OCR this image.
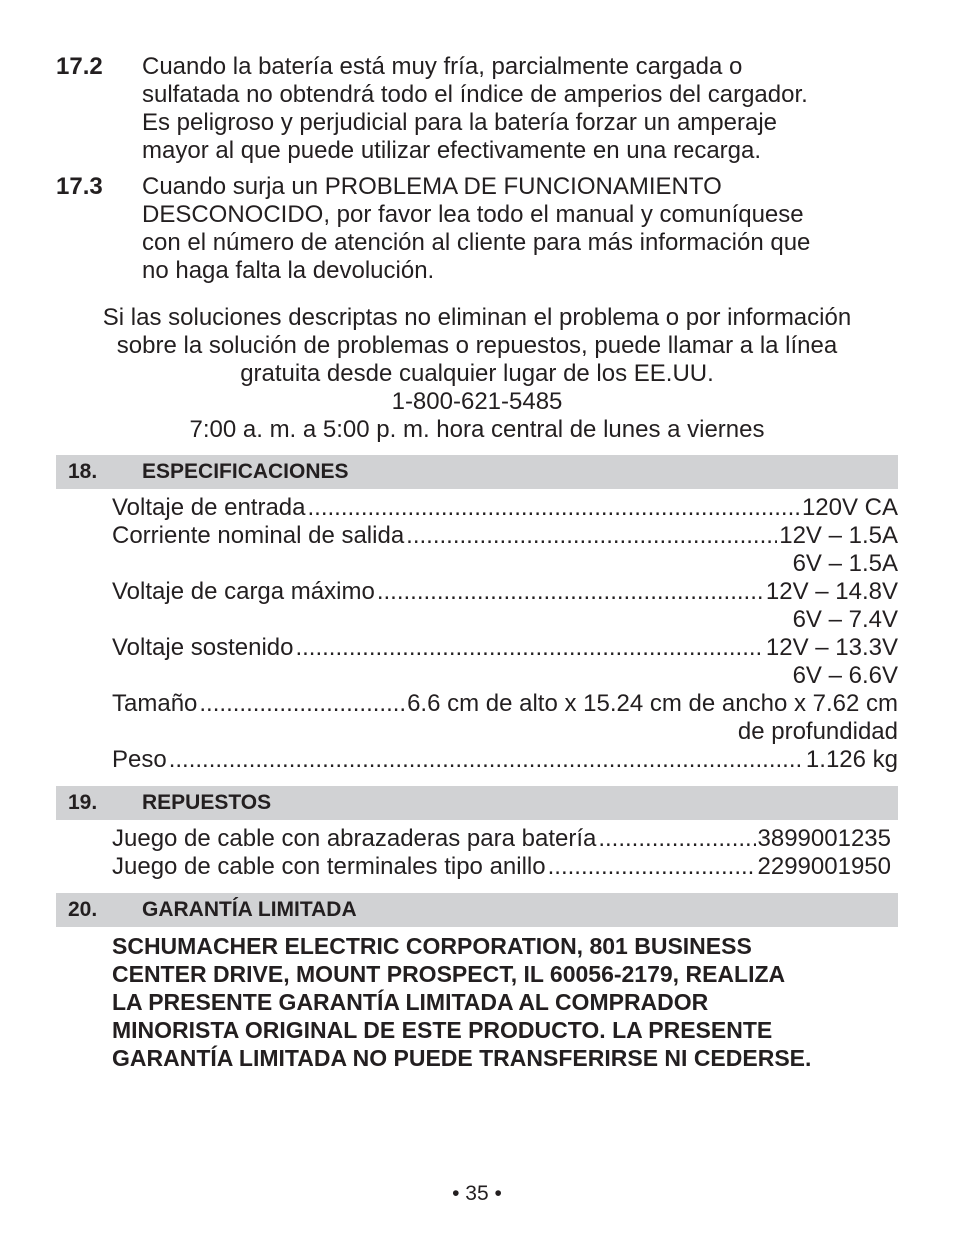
17.2 Cuando la batería está muy fría, parcialmente cargada o
sulfatada no obtendrá todo el índice de amperios del cargador.
Es peligroso y perjudicial para la batería forzar un amperaje
mayor al que puede utilizar efectivamente en una recarga.
17.3 Cuando surja un PROBLEMA DE FUNCIONAMIENTO
DESCONOCIDO, por favor lea todo el manual y comuníquese
con el número de atención al cliente para más información que
no haga falta la devolución.
Si las soluciones descriptas no eliminan el problema o por información
sobre la solución de problemas o repuestos, puede llamar a la línea
gratuita desde cualquier lugar de los EE.UU.
1-800-621-5485
7:00 a. m. a 5:00 p. m. hora central de lunes a viernes
18. ESPECIFICACIONES
Voltaje de entrada .....	120V CA
Corriente nominal de salida .....	12V – 1.5A
6V – 1.5A
Voltaje de carga máximo .....	12V – 14.8V
6V – 7.4V
Voltaje sostenido .....	12V – 13.3V
6V – 6.6V
Tamaño .....	6.6 cm de alto x 15.24 cm de ancho x 7.62 cm
de profundidad
Peso .....	1.126 kg
19. REPUESTOS
Juego de cable con abrazaderas para batería .....	3899001235
Juego de cable con terminales tipo anillo .....	2299001950
20. GARANTÍA LIMITADA
SCHUMACHER ELECTRIC CORPORATION, 801 BUSINESS
CENTER DRIVE, MOUNT PROSPECT, IL 60056-2179, REALIZA
LA PRESENTE GARANTÍA LIMITADA AL COMPRADOR
MINORISTA ORIGINAL DE ESTE PRODUCTO. LA PRESENTE
GARANTÍA LIMITADA NO PUEDE TRANSFERIRSE NI CEDERSE.
• 35 •
